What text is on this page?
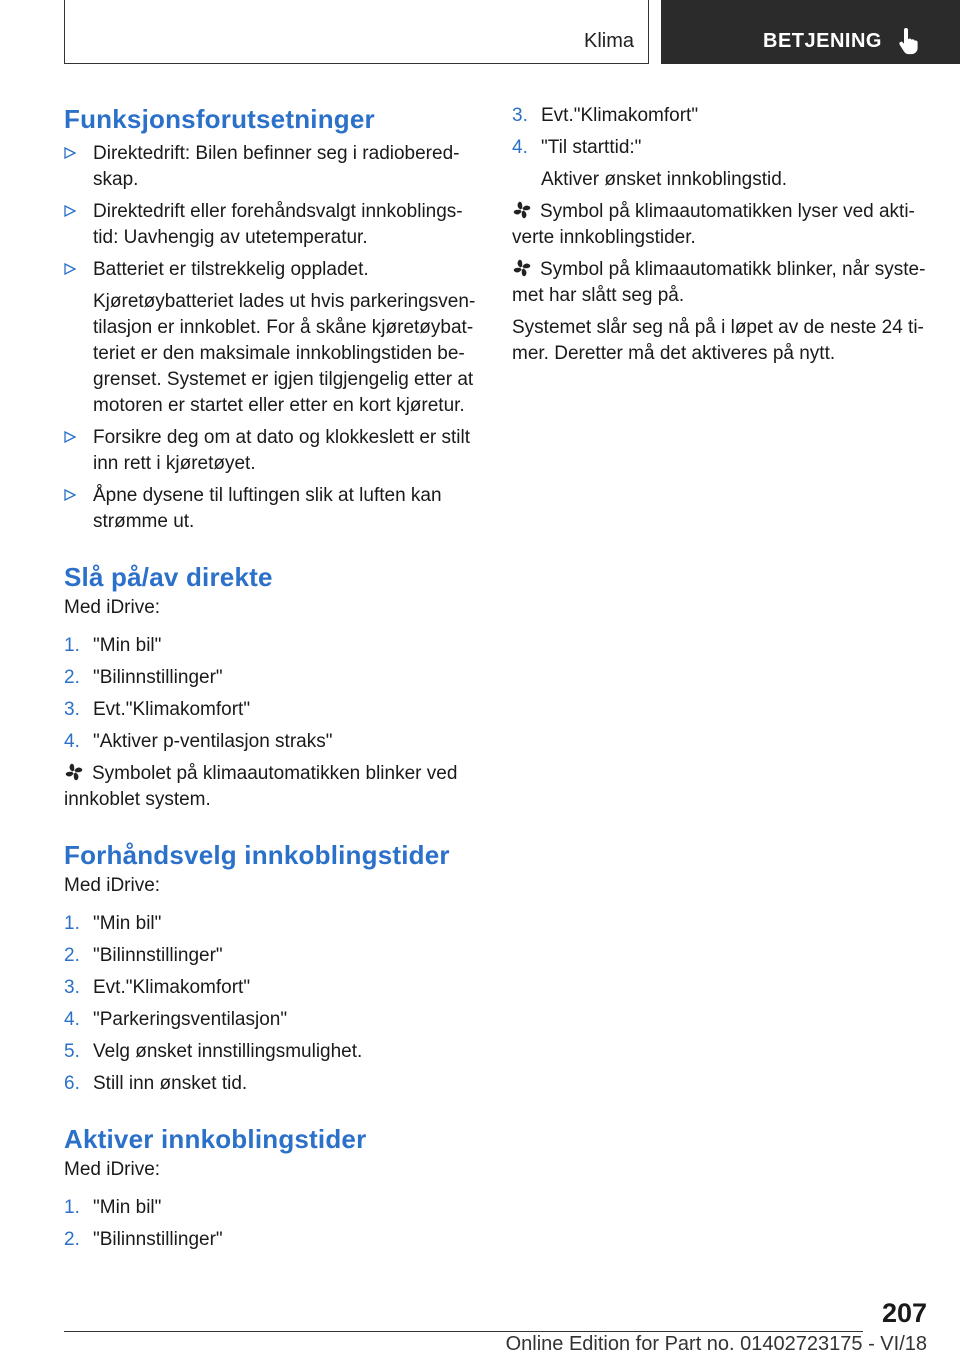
Klima	BETJENING
Funksjonsforutsetninger
Direktedrift: Bilen befinner seg i radiobered-skap.
Direktedrift eller forehåndsvalgt innkoblings-tid: Uavhengig av utetemperatur.
Batteriet er tilstrekkelig oppladet.
Kjøretøybatteriet lades ut hvis parkeringsven-tilasjon er innkoblet. For å skåne kjøretøybat-teriet er den maksimale innkoblingstiden be-grenset. Systemet er igjen tilgjengelig etter at motoren er startet eller etter en kort kjøretur.
Forsikre deg om at dato og klokkeslett er stilt inn rett i kjøretøyet.
Åpne dysene til luftingen slik at luften kan strømme ut.
Slå på/av direkte
Med iDrive:
1. "Min bil"
2. "Bilinnstillinger"
3. Evt."Klimakomfort"
4. "Aktiver p-ventilasjon straks"
Symbolet på klimaautomatikken blinker ved innkoblet system.
Forhåndsvelg innkoblingstider
Med iDrive:
1. "Min bil"
2. "Bilinnstillinger"
3. Evt."Klimakomfort"
4. "Parkeringsventilasjon"
5. Velg ønsket innstillingsmulighet.
6. Still inn ønsket tid.
Aktiver innkoblingstider
Med iDrive:
1. "Min bil"
2. "Bilinnstillinger"
3. Evt."Klimakomfort"
4. "Til starttid:"
Aktiver ønsket innkoblingstid.
Symbol på klimaautomatikken lyser ved akti-verte innkoblingstider.
Symbol på klimaautomatikk blinker, når syste-met har slått seg på.
Systemet slår seg nå på i løpet av de neste 24 ti-mer. Deretter må det aktiveres på nytt.
207
Online Edition for Part no. 01402723175 - VI/18
